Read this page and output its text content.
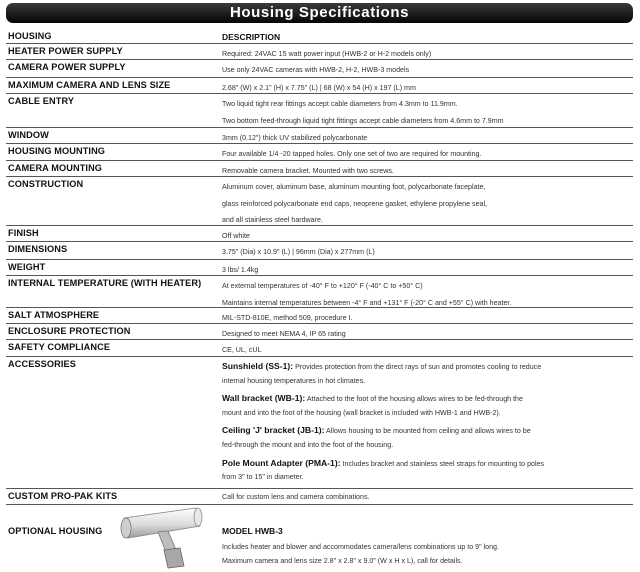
Housing Specifications
HOUSING	DESCRIPTION
HEATER POWER SUPPLY	Required: 24VAC 15 watt power input (HWB-2 or H-2 models only)
CAMERA POWER SUPPLY	Use only 24VAC cameras with HWB-2, H-2, HWB-3 models
MAXIMUM CAMERA AND LENS SIZE	2.68" (W) x 2.1" (H) x 7.75" (L) | 68 (W) x 54 (H) x 197 (L) mm
CABLE ENTRY	Two liquid tight rear fittings accept cable diameters from 4.3mm to 11.9mm.
Two bottom feed-through liquid tight fittings accept cable diameters from 4.6mm to 7.9mm
WINDOW	3mm (0.12") thick UV stabilized polycarbonate
HOUSING MOUNTING	Four available 1/4 -20 tapped holes. Only one set of two are required for mounting.
CAMERA MOUNTING	Removable camera bracket. Mounted with two screws.
CONSTRUCTION	Aluminum cover, aluminum base, aluminum mounting foot, polycarbonate faceplate,
glass reinforced polycarbonate end caps, neoprene gasket, ethylene propylene seal,
and all stainless steel hardware.
FINISH	Off white
DIMENSIONS	3.75" (Dia) x 10.9" (L) | 96mm (Dia) x 277mm (L)
WEIGHT	3 lbs/ 1.4kg
INTERNAL TEMPERATURE (WITH HEATER)	At external temperatures of -40° F to +120° F (-40° C to +50° C)
Maintains internal temperatures between -4° F and +131° F (-20° C and +55° C) with heater.
SALT ATMOSPHERE	MIL-STD-810E, method 509, procedure I.
ENCLOSURE PROTECTION	Designed to meet NEMA 4, IP 65 rating
SAFETY COMPLIANCE	CE, UL, cUL
ACCESSORIES	Sunshield (SS-1): Provides protection from the direct rays of sun and promotes cooling to reduce
internal housing temperatures in hot climates.
Wall bracket (WB-1): Attached to the foot of the housing allows wires to be fed-through the
mount and into the foot of the housing (wall bracket is included with HWB-1 and HWB-2).
Ceiling 'J' bracket (JB-1): Allows housing to be mounted from ceiling and allows wires to be
fed-through the mount and into the foot of the housing.
Pole Mount Adapter (PMA-1): Includes bracket and stainless steel straps for mounting to poles
from 3" to 15" in diameter.
CUSTOM PRO-PAK KITS	Call for custom lens and camera combinations.
OPTIONAL HOUSING	MODEL HWB-3
Includes heater and blower and accommodates camera/lens combinations up to 9" long.
Maximum camera and lens size 2.8" x 2.8" x 9.0" (W x H x L), call for details.
